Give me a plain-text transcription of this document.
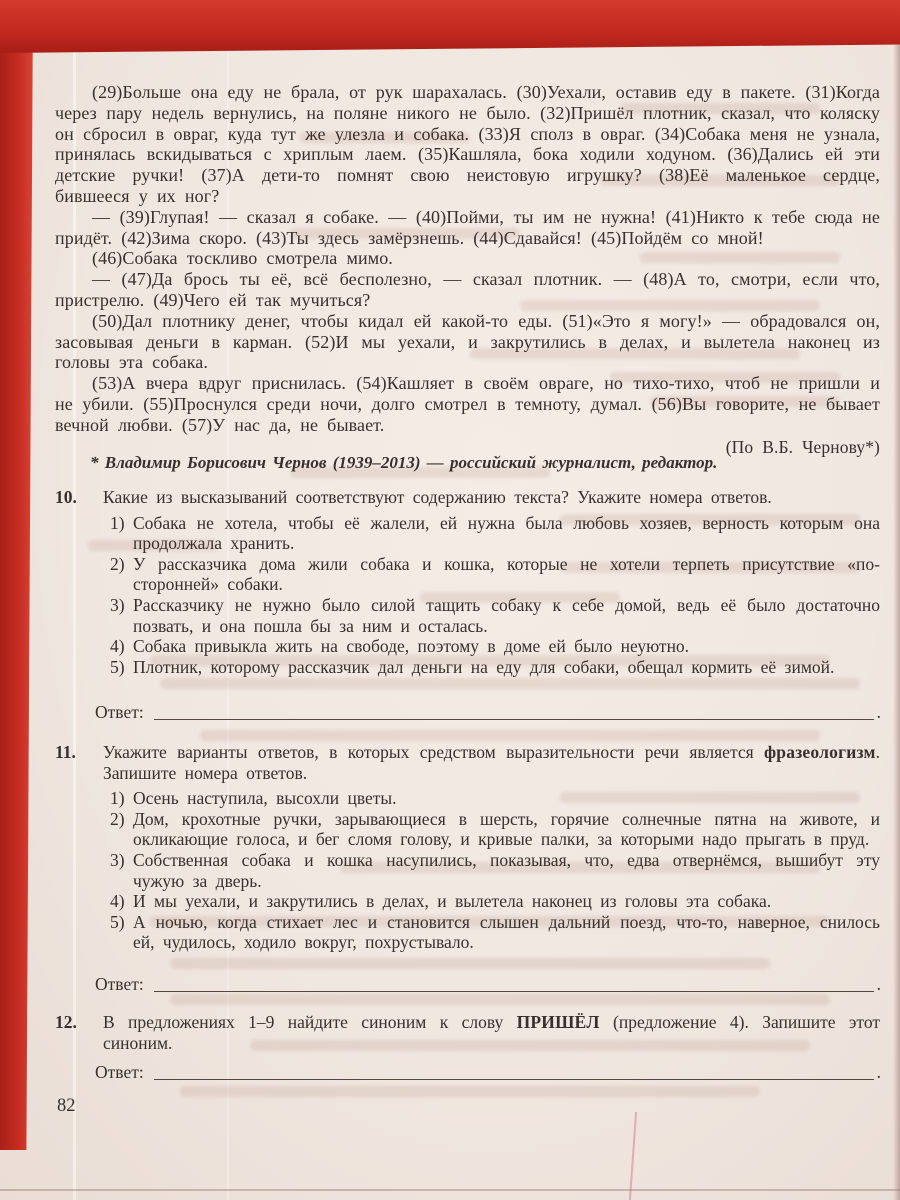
(29)Больше она еду не брала, от рук шарахалась. (30)Уехали, оставив еду в пакете. (31)Когда через пару недель вернулись, на поляне никого не было. (32)Пришёл плотник, сказал, что коляску он сбросил в овраг, куда тут же улезла и собака. (33)Я сполз в овраг. (34)Собака меня не узнала, принялась вскидываться с хриплым лаем. (35)Кашляла, бока ходили ходуном. (36)Дались ей эти детские ручки! (37)А дети-то помнят свою неистовую игрушку? (38)Её маленькое сердце, бившееся у их ног?

— (39)Глупая! — сказал я собаке. — (40)Пойми, ты им не нужна! (41)Никто к тебе сюда не придёт. (42)Зима скоро. (43)Ты здесь замёрзнешь. (44)Сдавайся! (45)Пойдём со мной!

(46)Собака тоскливо смотрела мимо.

— (47)Да брось ты её, всё бесполезно, — сказал плотник. — (48)А то, смотри, если что, пристрелю. (49)Чего ей так мучиться?

(50)Дал плотнику денег, чтобы кидал ей какой-то еды. (51)«Это я могу!» — обрадовался он, засовывая деньги в карман. (52)И мы уехали, и закрутились в делах, и вылетела наконец из головы эта собака.

(53)А вчера вдруг приснилась. (54)Кашляет в своём овраге, но тихо-тихо, чтоб не пришли и не убили. (55)Проснулся среди ночи, долго смотрел в темноту, думал. (56)Вы говорите, не бывает вечной любви. (57)У нас да, не бывает.

(По В.Б. Чернову*)

* Владимир Борисович Чернов (1939–2013) — российский журналист, редактор.
10.	Какие из высказываний соответствуют содержанию текста? Укажите номера ответов.

1) Собака не хотела, чтобы её жалели, ей нужна была любовь хозяев, верность которым она продолжала хранить.
2) У рассказчика дома жили собака и кошка, которые не хотели терпеть присутствие «посторонней» собаки.
3) Рассказчику не нужно было силой тащить собаку к себе домой, ведь её было достаточно позвать, и она пошла бы за ним и осталась.
4) Собака привыкла жить на свободе, поэтому в доме ей было неуютно.
5) Плотник, которому рассказчик дал деньги на еду для собаки, обещал кормить её зимой.
Ответ:	.
11.	Укажите варианты ответов, в которых средством выразительности речи является фразеологизм. Запишите номера ответов.

1) Осень наступила, высохли цветы.
2) Дом, крохотные ручки, зарывающиеся в шерсть, горячие солнечные пятна на животе, и окликающие голоса, и бег сломя голову, и кривые палки, за которыми надо прыгать в пруд.
3) Собственная собака и кошка насупились, показывая, что, едва отвернёмся, вышибут эту чужую за дверь.
4) И мы уехали, и закрутились в делах, и вылетела наконец из головы эта собака.
5) А ночью, когда стихает лес и становится слышен дальний поезд, что-то, наверное, снилось ей, чудилось, ходило вокруг, похрустывало.
Ответ:	.
12.	В предложениях 1–9 найдите синоним к слову ПРИШЁЛ (предложение 4). Запишите этот синоним.

Ответ:	.
82
